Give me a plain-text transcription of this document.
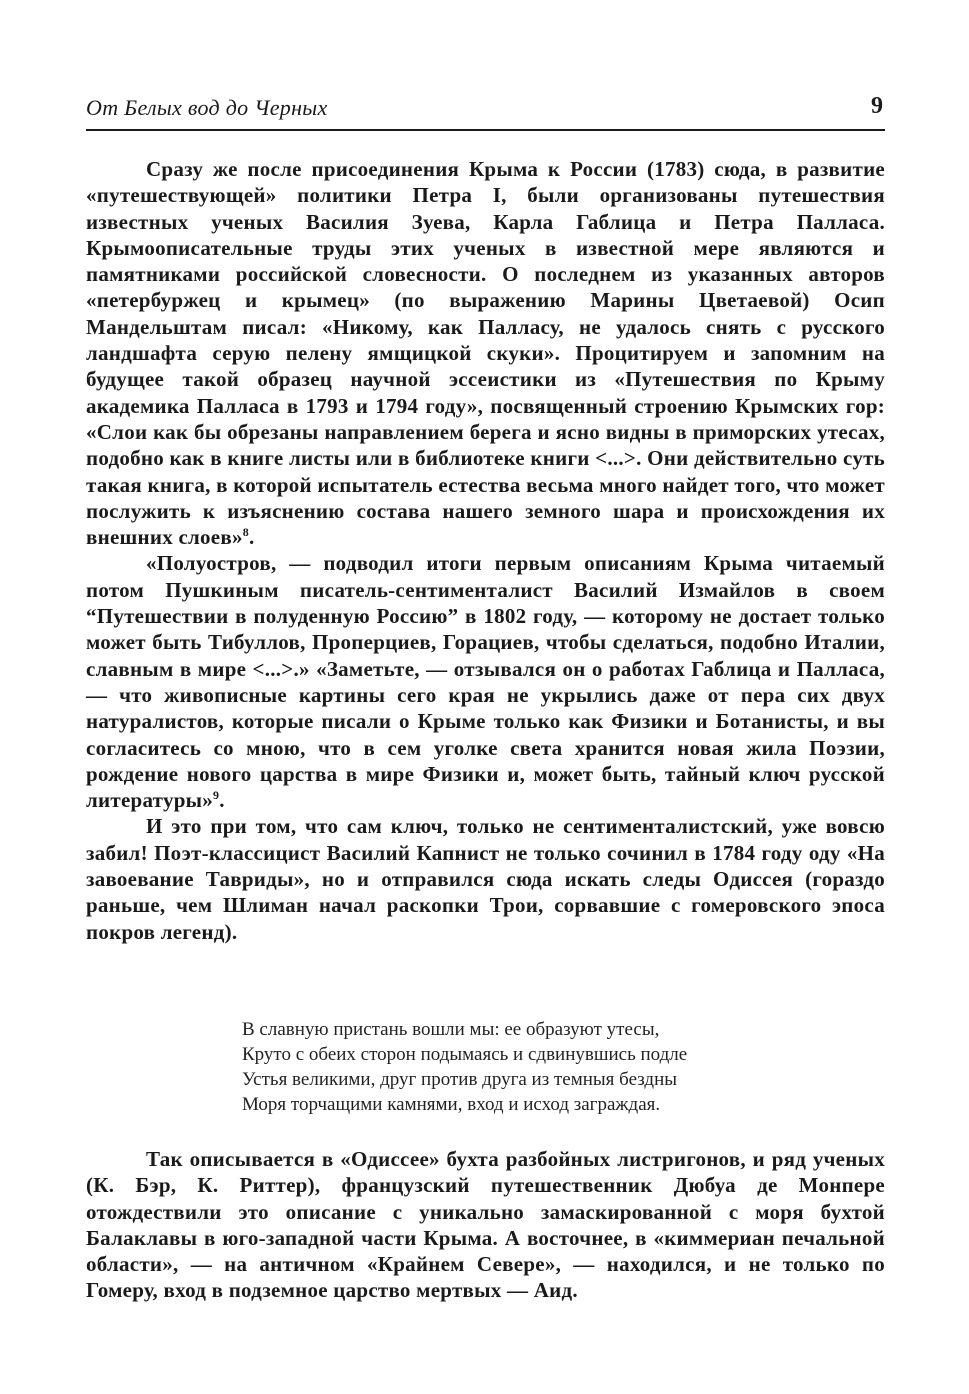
От Белых вод до Черных	9

Сразу же после присоединения Крыма к России (1783) сюда, в развитие «путешествующей» политики Петра I, были организованы путешествия известных ученых Василия Зуева, Карла Габлица и Петра Палласа. Крымоописательные труды этих ученых в известной мере являются и памятниками российской словесности. О последнем из указанных авторов «петербуржец и крымец» (по выражению Марины Цветаевой) Осип Мандельштам писал: «Никому, как Палласу, не удалось снять с русского ландшафта серую пелену ямщицкой скуки». Процитируем и запомним на будущее такой образец научной эссеистики из «Путешествия по Крыму академика Палласа в 1793 и 1794 году», посвященный строению Крымских гор: «Слои как бы обрезаны направлением берега и ясно видны в приморских утесах, подобно как в книге листы или в библиотеке книги <...>. Они действительно суть такая книга, в которой испытатель естества весьма много найдет того, что может послужить к изъяснению состава нашего земного шара и происхождения их внешних слоев»$^8$.

«Полуостров, — подводил итоги первым описаниям Крыма читаемый потом Пушкиным писатель-сентименталист Василий Измайлов в своем “Путешествии в полуденную Россию” в 1802 году, — которому не достает только может быть Тибуллов, Проперциев, Горациев, чтобы сделаться, подобно Италии, славным в мире <...>.» «Заметьте, — отзывался он о работах Габлица и Палласа, — что живописные картины сего края не укрылись даже от пера сих двух натуралистов, которые писали о Крыме только как Физики и Ботанисты, и вы согласитесь со мною, что в сем уголке света хранится новая жила Поэзии, рождение нового царства в мире Физики и, может быть, тайный ключ русской литературы»$^9$.

И это при том, что сам ключ, только не сентименталистский, уже вовсю забил! Поэт-классицист Василий Капнист не только сочинил в 1784 году оду «На завоевание Тавриды», но и отправился сюда искать следы Одиссея (гораздо раньше, чем Шлиман начал раскопки Трои, сорвавшие с гомеровского эпоса покров легенд).

В славную пристань вошли мы: ее образуют утесы,
Круто с обеих сторон подымаясь и сдвинувшись подле
Устья великими, друг против друга из темныя бездны
Моря торчащими камнями, вход и исход заграждая.

Так описывается в «Одиссее» бухта разбойных листригонов, и ряд ученых (К. Бэр, К. Риттер), французский путешественник Дюбуа де Монпере отождествили это описание с уникально замаскированной с моря бухтой Балаклавы в юго-западной части Крыма. А восточнее, в «киммериан печальной области», — на античном «Крайнем Севере», — находился, и не только по Гомеру, вход в подземное царство мертвых — Аид.
